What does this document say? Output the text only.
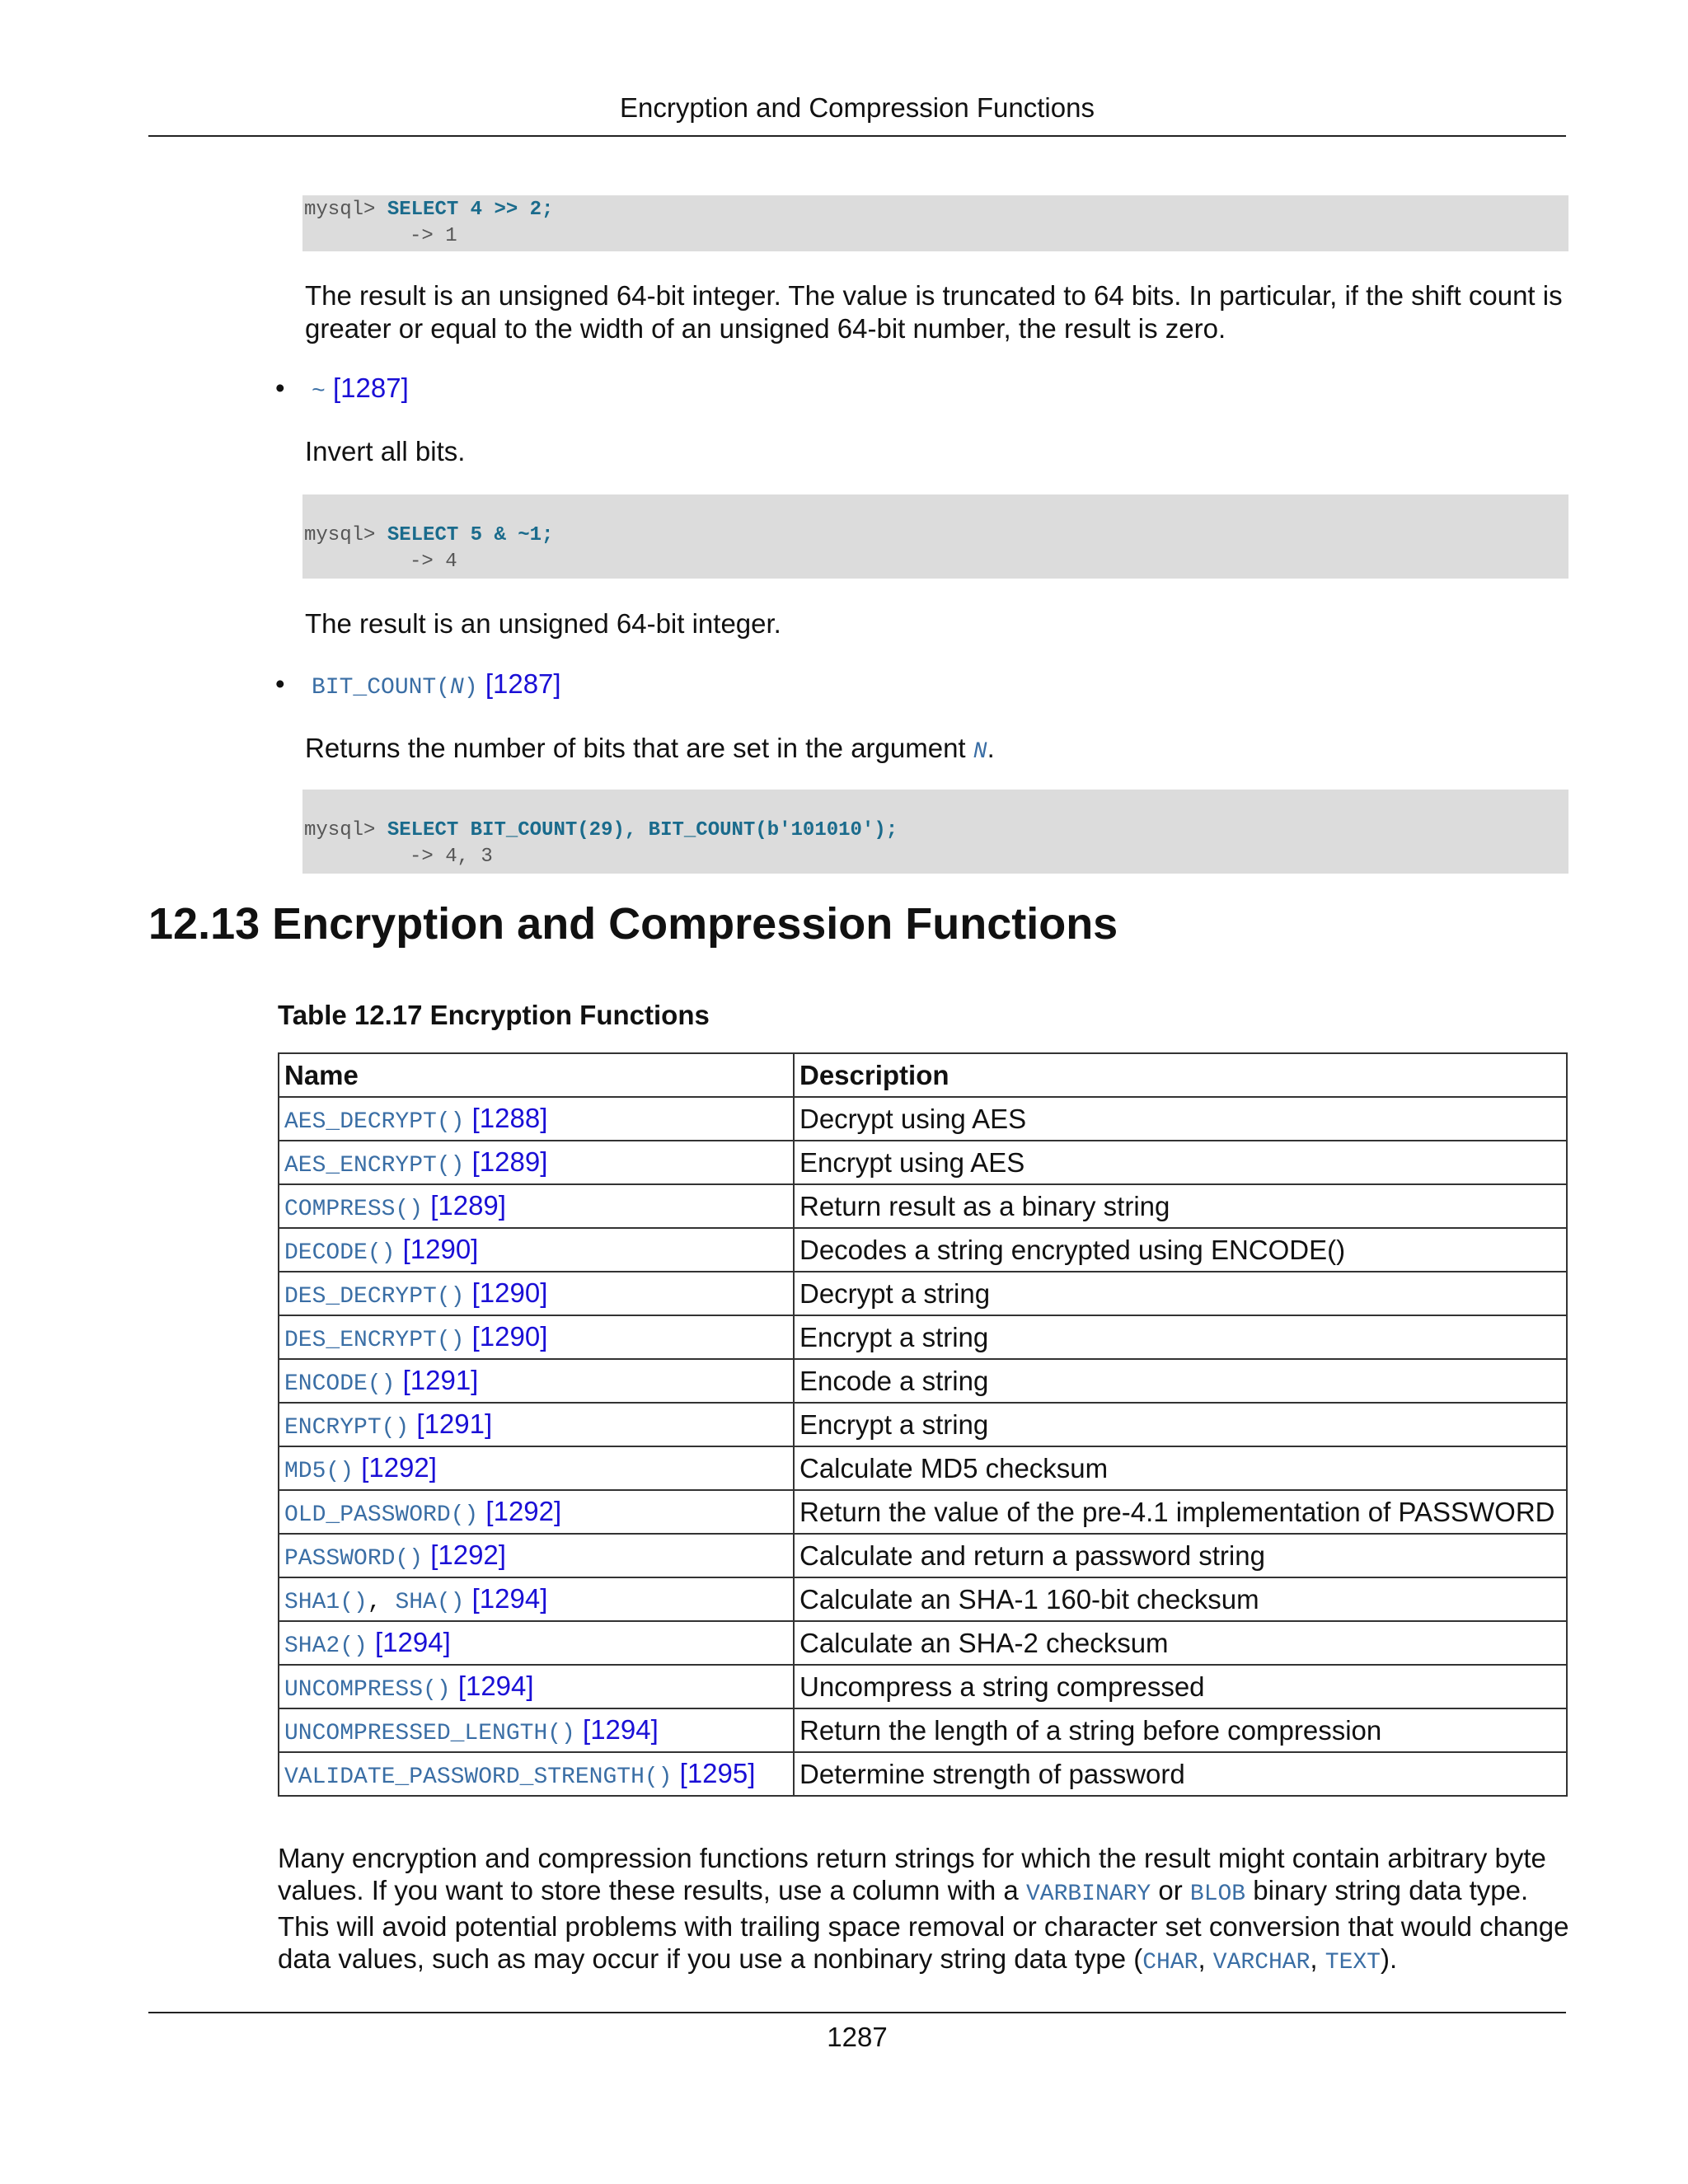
Encryption and Compression Functions
mysql> SELECT 4 >> 2;
-> 1
The result is an unsigned 64-bit integer. The value is truncated to 64 bits. In particular, if the shift count is greater or equal to the width of an unsigned 64-bit number, the result is zero.
• ~ [1287]
Invert all bits.
mysql> SELECT 5 & ~1;
-> 4
The result is an unsigned 64-bit integer.
• BIT_COUNT(N) [1287]
Returns the number of bits that are set in the argument N.
mysql> SELECT BIT_COUNT(29), BIT_COUNT(b'101010');
-> 4, 3
12.13 Encryption and Compression Functions
Table 12.17 Encryption Functions
Name	Description
AES_DECRYPT() [1288]	Decrypt using AES
AES_ENCRYPT() [1289]	Encrypt using AES
COMPRESS() [1289]	Return result as a binary string
DECODE() [1290]	Decodes a string encrypted using ENCODE()
DES_DECRYPT() [1290]	Decrypt a string
DES_ENCRYPT() [1290]	Encrypt a string
ENCODE() [1291]	Encode a string
ENCRYPT() [1291]	Encrypt a string
MD5() [1292]	Calculate MD5 checksum
OLD_PASSWORD() [1292]	Return the value of the pre-4.1 implementation of PASSWORD
PASSWORD() [1292]	Calculate and return a password string
SHA1(), SHA() [1294]	Calculate an SHA-1 160-bit checksum
SHA2() [1294]	Calculate an SHA-2 checksum
UNCOMPRESS() [1294]	Uncompress a string compressed
UNCOMPRESSED_LENGTH() [1294]	Return the length of a string before compression
VALIDATE_PASSWORD_STRENGTH() [1295]	Determine strength of password
Many encryption and compression functions return strings for which the result might contain arbitrary byte values. If you want to store these results, use a column with a VARBINARY or BLOB binary string data type. This will avoid potential problems with trailing space removal or character set conversion that would change data values, such as may occur if you use a nonbinary string data type (CHAR, VARCHAR, TEXT).
1287
